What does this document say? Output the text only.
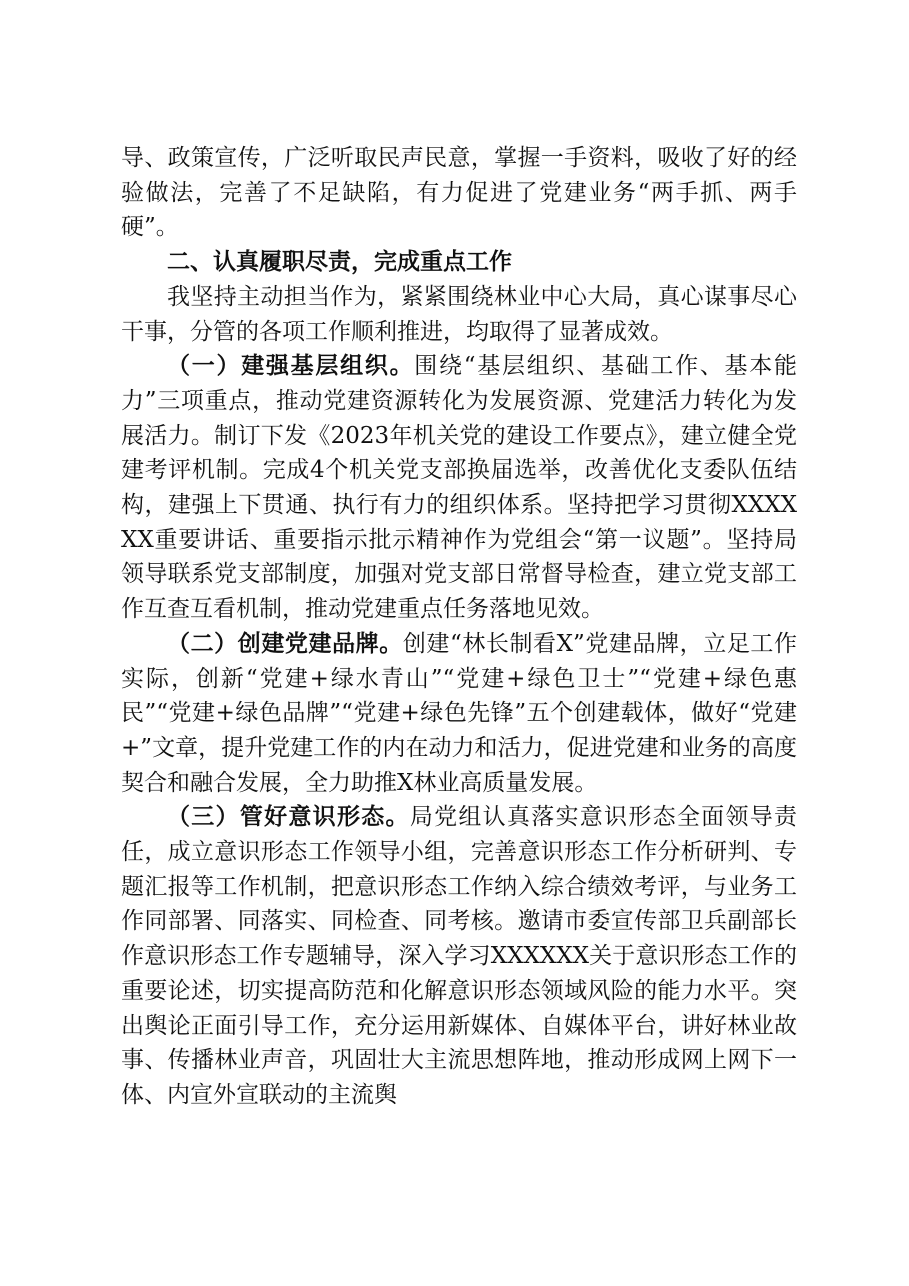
导、政策宣传，广泛听取民声民意，掌握一手资料，吸收了好的经验做法，完善了不足缺陷，有力促进了党建业务“两手抓、两手硬”。

二、认真履职尽责，完成重点工作

我坚持主动担当作为，紧紧围绕林业中心大局，真心谋事尽心干事，分管的各项工作顺利推进，均取得了显著成效。

（一）建强基层组织。围绕“基层组织、基础工作、基本能力”三项重点，推动党建资源转化为发展资源、党建活力转化为发展活力。制订下发《2023年机关党的建设工作要点》，建立健全党建考评机制。完成4个机关党支部换届选举，改善优化支委队伍结构，建强上下贯通、执行有力的组织体系。坚持把学习贯彻XXXXXX重要讲话、重要指示批示精神作为党组会“第一议题”。坚持局领导联系党支部制度，加强对党支部日常督导检查，建立党支部工作互查互看机制，推动党建重点任务落地见效。

（二）创建党建品牌。创建“林长制看X”党建品牌，立足工作实际，创新“党建+绿水青山”“党建+绿色卫士”“党建+绿色惠民”“党建+绿色品牌”“党建+绿色先锋”五个创建载体，做好“党建+”文章，提升党建工作的内在动力和活力，促进党建和业务的高度契合和融合发展，全力助推X林业高质量发展。

（三）管好意识形态。局党组认真落实意识形态全面领导责任，成立意识形态工作领导小组，完善意识形态工作分析研判、专题汇报等工作机制，把意识形态工作纳入综合绩效考评，与业务工作同部署、同落实、同检查、同考核。邀请市委宣传部卫兵副部长作意识形态工作专题辅导，深入学习XXXXXX关于意识形态工作的重要论述，切实提高防范和化解意识形态领域风险的能力水平。突出舆论正面引导工作，充分运用新媒体、自媒体平台，讲好林业故事、传播林业声音，巩固壮大主流思想阵地，推动形成网上网下一体、内宣外宣联动的主流舆
